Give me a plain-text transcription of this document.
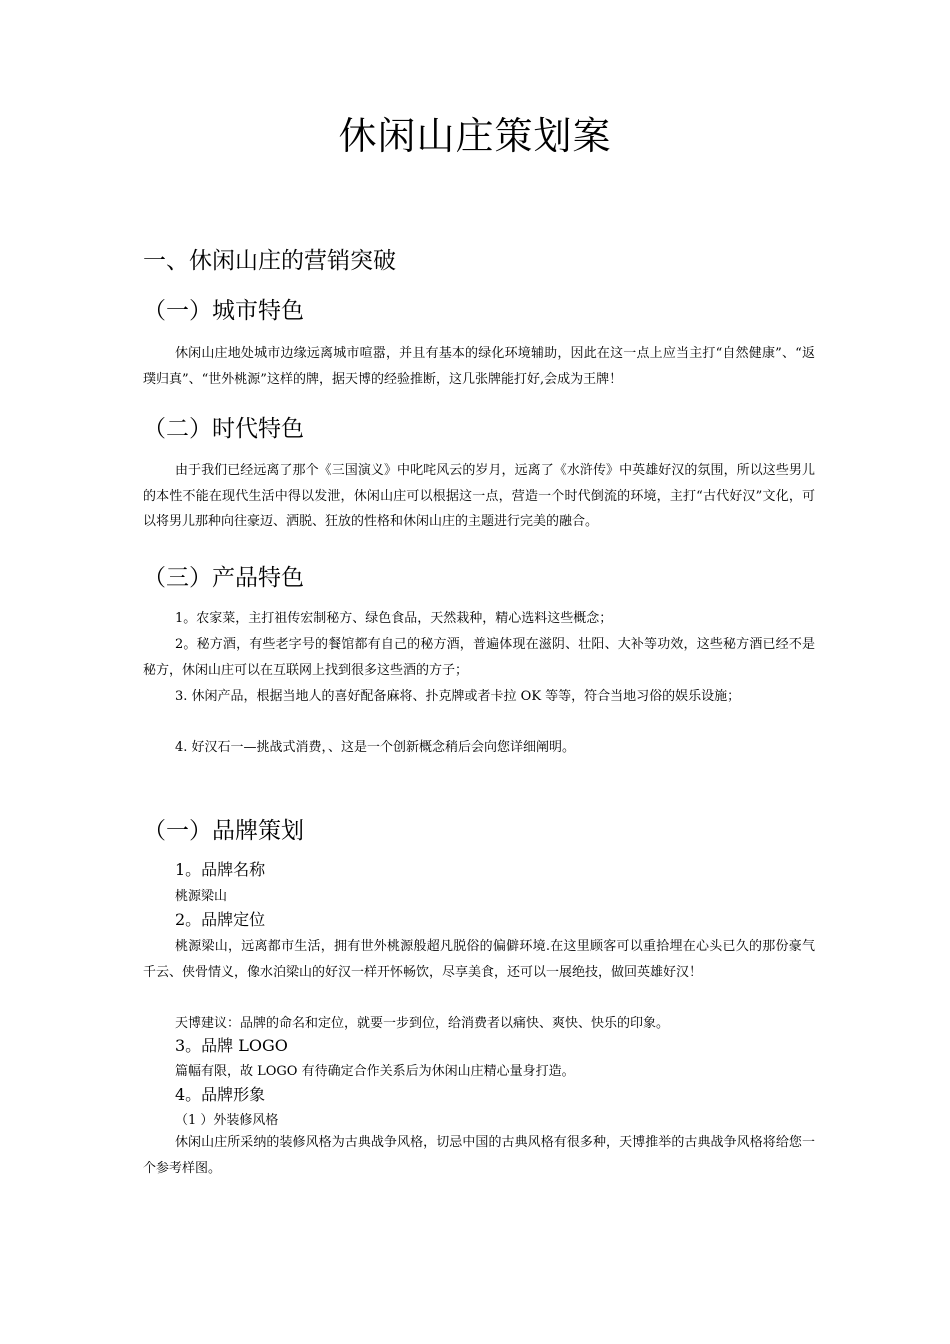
休闲山庄策划案
一、休闲山庄的营销突破
（一）城市特色
休闲山庄地处城市边缘远离城市喧嚣，并且有基本的绿化环境辅助，因此在这一点上应当主打“自然健康”、“返璞归真”、“世外桃源”这样的牌，据天博的经验推断，这几张牌能打好,会成为王牌！
（二）时代特色
由于我们已经远离了那个《三国演义》中叱咤风云的岁月，远离了《水浒传》中英雄好汉的氛围，所以这些男儿的本性不能在现代生活中得以发泄，休闲山庄可以根据这一点，营造一个时代倒流的环境，主打“古代好汉”文化，可以将男儿那种向往豪迈、洒脱、狂放的性格和休闲山庄的主题进行完美的融合。
（三）产品特色
1。农家菜，主打祖传宏制秘方、绿色食品，天然栽种，精心选料这些概念；
2。秘方酒，有些老字号的餐馆都有自己的秘方酒，普遍体现在滋阴、壮阳、大补等功效，这些秘方酒已经不是秘方，休闲山庄可以在互联网上找到很多这些酒的方子；
3. 休闲产品，根据当地人的喜好配备麻将、扑克牌或者卡拉 OK 等等，符合当地习俗的娱乐设施；
4. 好汉石一—挑战式消费，、这是一个创新概念稍后会向您详细阐明。
（一）品牌策划
1。品牌名称
桃源梁山
2。品牌定位
桃源梁山，远离都市生活，拥有世外桃源般超凡脱俗的偏僻环境.在这里顾客可以重拾埋在心头已久的那份豪气千云、侠骨情义，像水泊梁山的好汉一样开怀畅饮，尽享美食，还可以一展绝技，做回英雄好汉！
天博建议：品牌的命名和定位，就要一步到位，给消费者以痛快、爽快、快乐的印象。
3。品牌 LOGO
篇幅有限，故 LOGO 有待确定合作关系后为休闲山庄精心量身打造。
4。品牌形象
（1 ）外装修风格
休闲山庄所采纳的装修风格为古典战争风格，切忌中国的古典风格有很多种，天博推举的古典战争风格将给您一个参考样图。
